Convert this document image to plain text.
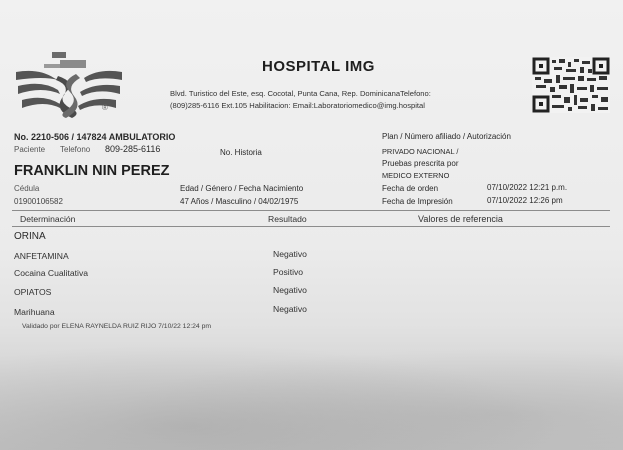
®
HOSPITAL IMG
Blvd. Turistico del Este, esq. Cocotal, Punta Cana, Rep. DominicanaTelefono:
(809)285-6116 Ext.105 Habilitacion: Email:Laboratoriomedico@img.hospital
No. 2210-506 / 147824 AMBULATORIO
Paciente Telefono 809-285-6116	No. Historia
FRANKLIN NIN PEREZ
Cédula
01900106582
Edad / Género / Fecha Nacimiento
47 Años / Masculino / 04/02/1975
Plan / Número afiliado / Autorización
PRIVADO NACIONAL /
Pruebas prescrita por
MEDICO EXTERNO
Fecha de orden	07/10/2022 12:21 p.m.
Fecha de Impresión	07/10/2022 12:26 pm
Determinación	Resultado	Valores de referencia
ORINA
ANFETAMINA	Negativo
Cocaina Cualitativa	Positivo
OPIATOS	Negativo
Marihuana	Negativo
Validado por ELENA RAYNELDA RUIZ RIJO 7/10/22 12:24 pm
